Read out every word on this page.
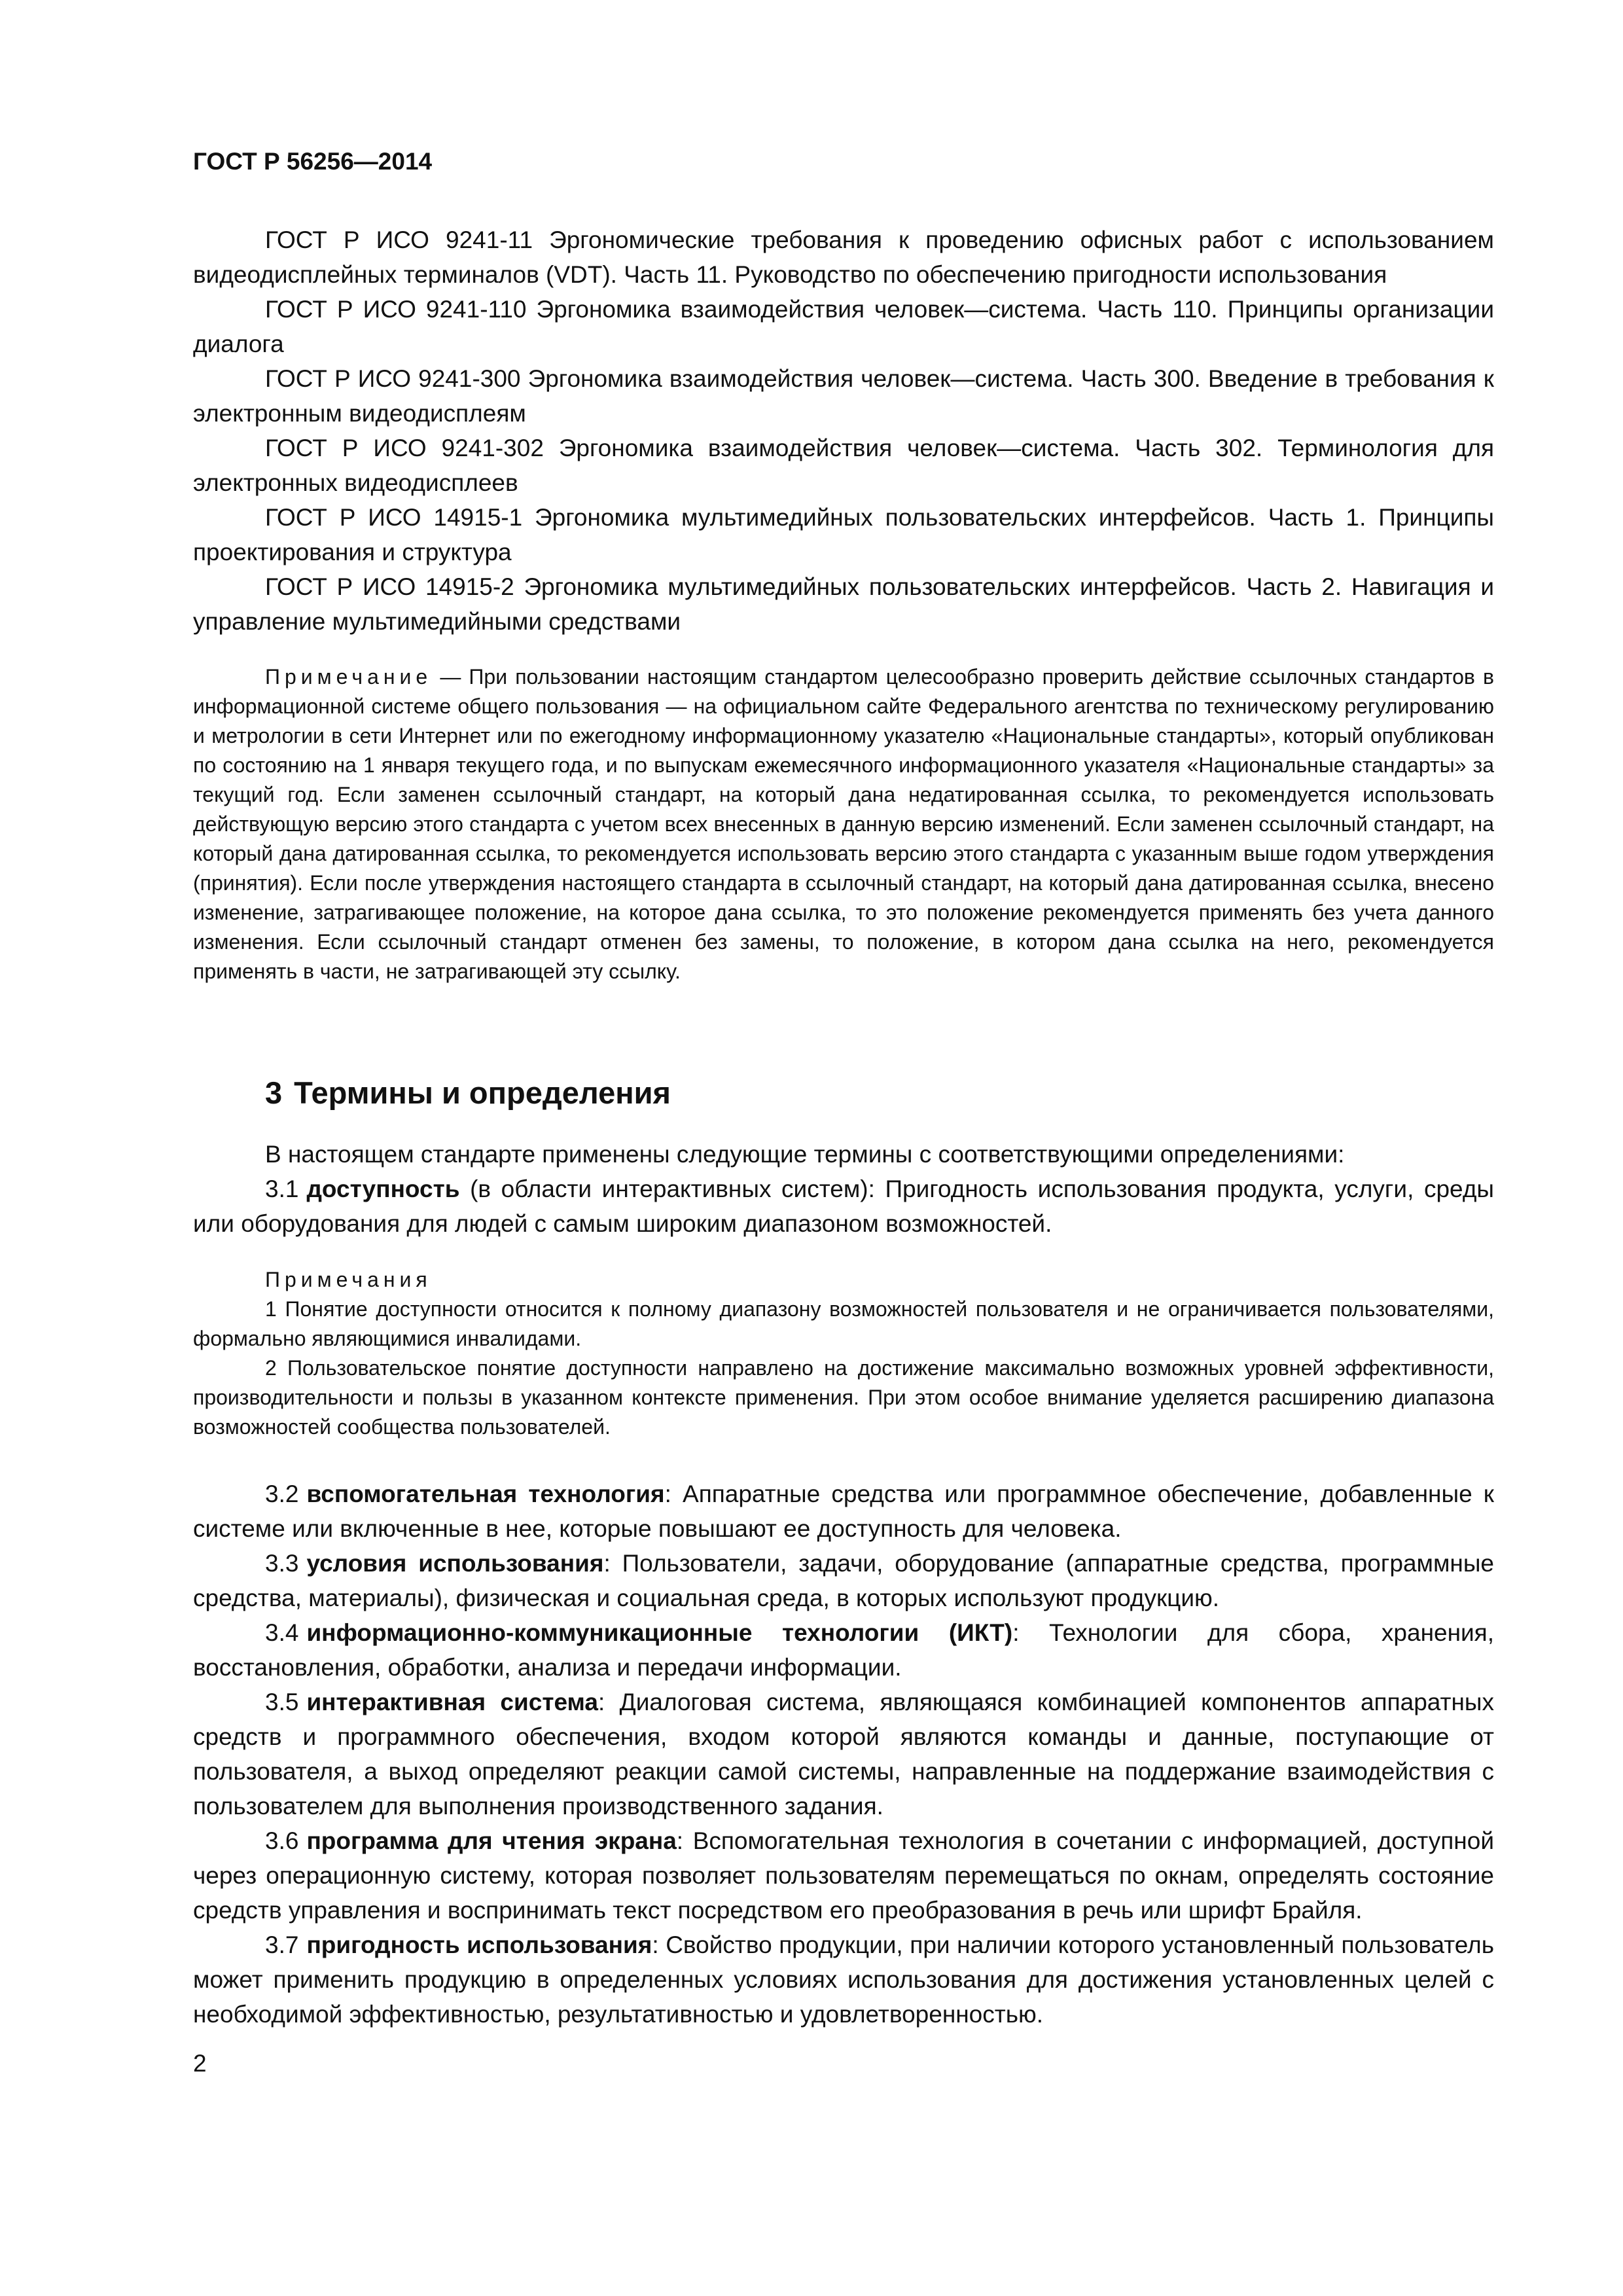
ГОСТ Р 56256—2014

ГОСТ Р ИСО 9241-11 Эргономические требования к проведению офисных работ с использованием видеодисплейных терминалов (VDT). Часть 11. Руководство по обеспечению пригодности использования

ГОСТ Р ИСО 9241-110 Эргономика взаимодействия человек—система. Часть 110. Принципы организации диалога

ГОСТ Р ИСО 9241-300 Эргономика взаимодействия человек—система. Часть 300. Введение в требования к электронным видеодисплеям

ГОСТ Р ИСО 9241-302 Эргономика взаимодействия человек—система. Часть 302. Терминология для электронных видеодисплеев

ГОСТ Р ИСО 14915-1 Эргономика мультимедийных пользовательских интерфейсов. Часть 1. Принципы проектирования и структура

ГОСТ Р ИСО 14915-2 Эргономика мультимедийных пользовательских интерфейсов. Часть 2. Навигация и управление мультимедийными средствами

Примечание — При пользовании настоящим стандартом целесообразно проверить действие ссылочных стандартов в информационной системе общего пользования — на официальном сайте Федерального агентства по техническому регулированию и метрологии в сети Интернет или по ежегодному информационному указателю «Национальные стандарты», который опубликован по состоянию на 1 января текущего года, и по выпускам ежемесячного информационного указателя «Национальные стандарты» за текущий год. Если заменен ссылочный стандарт, на который дана недатированная ссылка, то рекомендуется использовать действующую версию этого стандарта с учетом всех внесенных в данную версию изменений. Если заменен ссылочный стандарт, на который дана датированная ссылка, то рекомендуется использовать версию этого стандарта с указанным выше годом утверждения (принятия). Если после утверждения настоящего стандарта в ссылочный стандарт, на который дана датированная ссылка, внесено изменение, затрагивающее положение, на которое дана ссылка, то это положение рекомендуется применять без учета данного изменения. Если ссылочный стандарт отменен без замены, то положение, в котором дана ссылка на него, рекомендуется применять в части, не затрагивающей эту ссылку.
3 Термины и определения

В настоящем стандарте применены следующие термины с соответствующими определениями:

3.1 доступность (в области интерактивных систем): Пригодность использования продукта, услуги, среды или оборудования для людей с самым широким диапазоном возможностей.

Примечания

1 Понятие доступности относится к полному диапазону возможностей пользователя и не ограничивается пользователями, формально являющимися инвалидами.

2 Пользовательское понятие доступности направлено на достижение максимально возможных уровней эффективности, производительности и пользы в указанном контексте применения. При этом особое внимание уделяется расширению диапазона возможностей сообщества пользователей.

3.2 вспомогательная технология: Аппаратные средства или программное обеспечение, добавленные к системе или включенные в нее, которые повышают ее доступность для человека.

3.3 условия использования: Пользователи, задачи, оборудование (аппаратные средства, программные средства, материалы), физическая и социальная среда, в которых используют продукцию.

3.4 информационно-коммуникационные технологии (ИКТ): Технологии для сбора, хранения, восстановления, обработки, анализа и передачи информации.

3.5 интерактивная система: Диалоговая система, являющаяся комбинацией компонентов аппаратных средств и программного обеспечения, входом которой являются команды и данные, поступающие от пользователя, а выход определяют реакции самой системы, направленные на поддержание взаимодействия с пользователем для выполнения производственного задания.

3.6 программа для чтения экрана: Вспомогательная технология в сочетании с информацией, доступной через операционную систему, которая позволяет пользователям перемещаться по окнам, определять состояние средств управления и воспринимать текст посредством его преобразования в речь или шрифт Брайля.

3.7 пригодность использования: Свойство продукции, при наличии которого установленный пользователь может применить продукцию в определенных условиях использования для достижения установленных целей с необходимой эффективностью, результативностью и удовлетворенностью.

2
